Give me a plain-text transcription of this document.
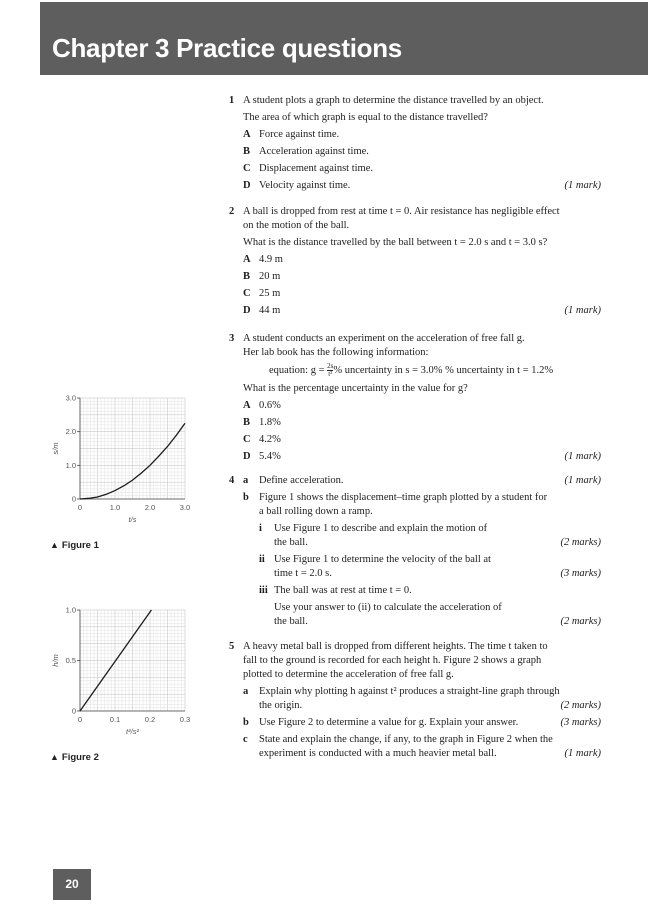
Chapter 3 Practice questions
1 A student plots a graph to determine the distance travelled by an object.
The area of which graph is equal to the distance travelled?
A Force against time.
B Acceleration against time.
C Displacement against time.
D Velocity against time.	(1 mark)
2 A ball is dropped from rest at time t = 0. Air resistance has negligible effect
on the motion of the ball.
What is the distance travelled by the ball between t = 2.0 s and t = 3.0 s?
A 4.9 m
B 20 m
C 25 m
D 44 m	(1 mark)
3 A student conducts an experiment on the acceleration of free fall g.
Her lab book has the following information:
equation: $g = \frac{2s}{\text{t²}}$ % uncertainty in s = 3.0% % uncertainty in t = 1.2%
What is the percentage uncertainty in the value for g?
A 0.6%
B 1.8%
C 4.2%
D 5.4%	(1 mark)
4 a Define acceleration.	(1 mark)
b Figure 1 shows the displacement–time graph plotted by a student for
a ball rolling down a ramp.
i Use Figure 1 to describe and explain the motion of
the ball.	(2 marks)
ii Use Figure 1 to determine the velocity of the ball at
time t = 2.0 s.	(3 marks)
iii The ball was at rest at time t = 0.
Use your answer to (ii) to calculate the acceleration of
the ball.	(2 marks)
5 A heavy metal ball is dropped from different heights. The time t taken to
fall to the ground is recorded for each height h. Figure 2 shows a graph
plotted to determine the acceleration of free fall g.
a Explain why plotting h against t² produces a straight-line graph through
the origin.	(2 marks)
b Use Figure 2 to determine a value for g. Explain your answer.	(3 marks)
c State and explain the change, if any, to the graph in Figure 2 when the
experiment is conducted with a much heavier metal ball.	(1 mark)
0	1.0	2.0	3.0
0
1.0
2.0
3.0
t/s
s/m
▲ Figure 1
0	0.1	0.2	0.3
0
0.5
1.0
t²/s²
h/m
▲ Figure 2
20
